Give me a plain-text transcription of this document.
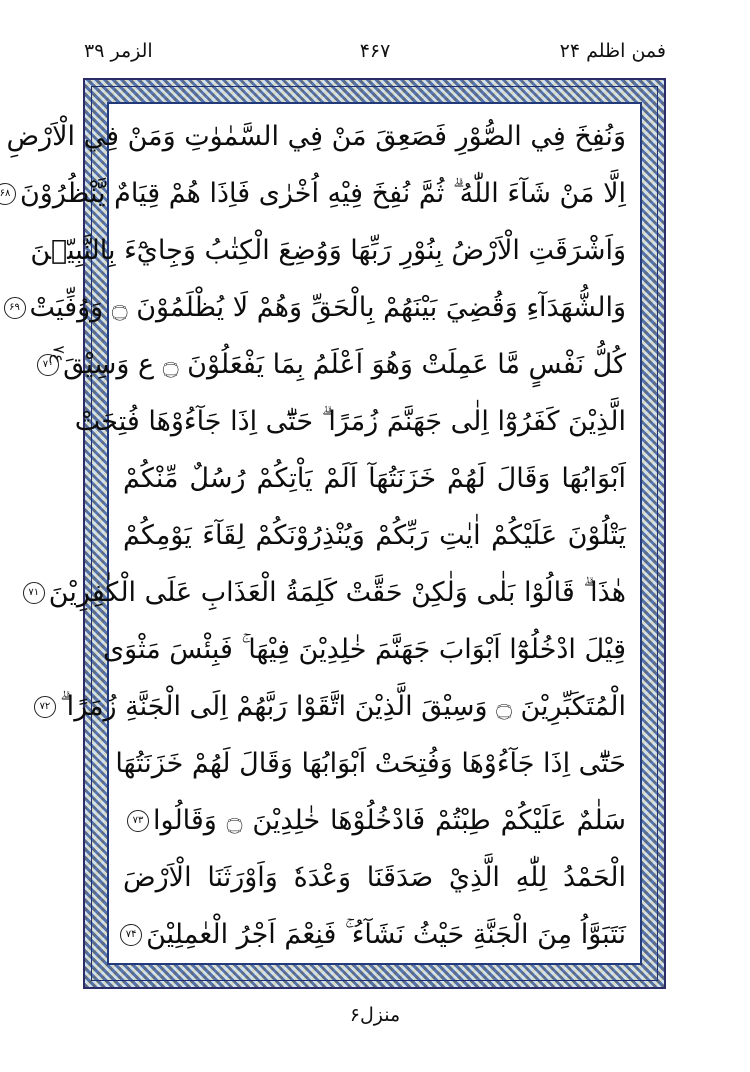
فمن اظلم ۲۴
۴۶۷
الزمر ۳۹
ع۷
وَنُفِخَ فِي الصُّوْرِ فَصَعِقَ مَنْ فِي السَّمٰوٰتِ وَمَنْ فِي الْاَرْضِ
اِلَّا مَنْ شَآءَ اللّٰهُ ۗ ثُمَّ نُفِخَ فِيْهِ اُخْرٰى فَاِذَا هُمْ قِيَامٌ يَّنْظُرُوْنَ
۶۸
وَاَشْرَقَتِ الْاَرْضُ بِنُوْرِ رَبِّهَا وَوُضِعَ الْكِتٰبُ وَجِايْٓءَ بِالنَّبِيّٖنَ
وَالشُّهَدَآءِ وَقُضِيَ بَيْنَهُمْ بِالْحَقِّ وَهُمْ لَا يُظْلَمُوْنَ ۝ وَوُفِّيَتْ
۶۹
كُلُّ نَفْسٍ مَّا عَمِلَتْ وَهُوَ اَعْلَمُ بِمَا يَفْعَلُوْنَ ۝ ع وَسِيْقَ
۷۰
الَّذِيْنَ كَفَرُوْٓا اِلٰى جَهَنَّمَ زُمَرًا ۗ حَتّٰٓى اِذَا جَآءُوْهَا فُتِحَتْ
اَبْوَابُهَا وَقَالَ لَهُمْ خَزَنَتُهَآ اَلَمْ يَاْتِكُمْ رُسُلٌ مِّنْكُمْ
يَتْلُوْنَ عَلَيْكُمْ اٰيٰتِ رَبِّكُمْ وَيُنْذِرُوْنَكُمْ لِقَآءَ يَوْمِكُمْ
هٰذَا ۗ قَالُوْا بَلٰى وَلٰكِنْ حَقَّتْ كَلِمَةُ الْعَذَابِ عَلَى الْكٰفِرِيْنَ
۷۱
قِيْلَ ادْخُلُوْٓا اَبْوَابَ جَهَنَّمَ خٰلِدِيْنَ فِيْهَا ۚ فَبِئْسَ مَثْوَى
الْمُتَكَبِّرِيْنَ ۝ وَسِيْقَ الَّذِيْنَ اتَّقَوْا رَبَّهُمْ اِلَى الْجَنَّةِ زُمَرًا ۗ
۷۲
حَتّٰٓى اِذَا جَآءُوْهَا وَفُتِحَتْ اَبْوَابُهَا وَقَالَ لَهُمْ خَزَنَتُهَا
سَلٰمٌ عَلَيْكُمْ طِبْتُمْ فَادْخُلُوْهَا خٰلِدِيْنَ ۝ وَقَالُوا
۷۳
الْحَمْدُ لِلّٰهِ الَّذِيْ صَدَقَنَا وَعْدَهٗ وَاَوْرَثَنَا الْاَرْضَ
نَتَبَوَّاُ مِنَ الْجَنَّةِ حَيْثُ نَشَآءُ ۚ فَنِعْمَ اَجْرُ الْعٰمِلِيْنَ
۷۴
منزل۶
